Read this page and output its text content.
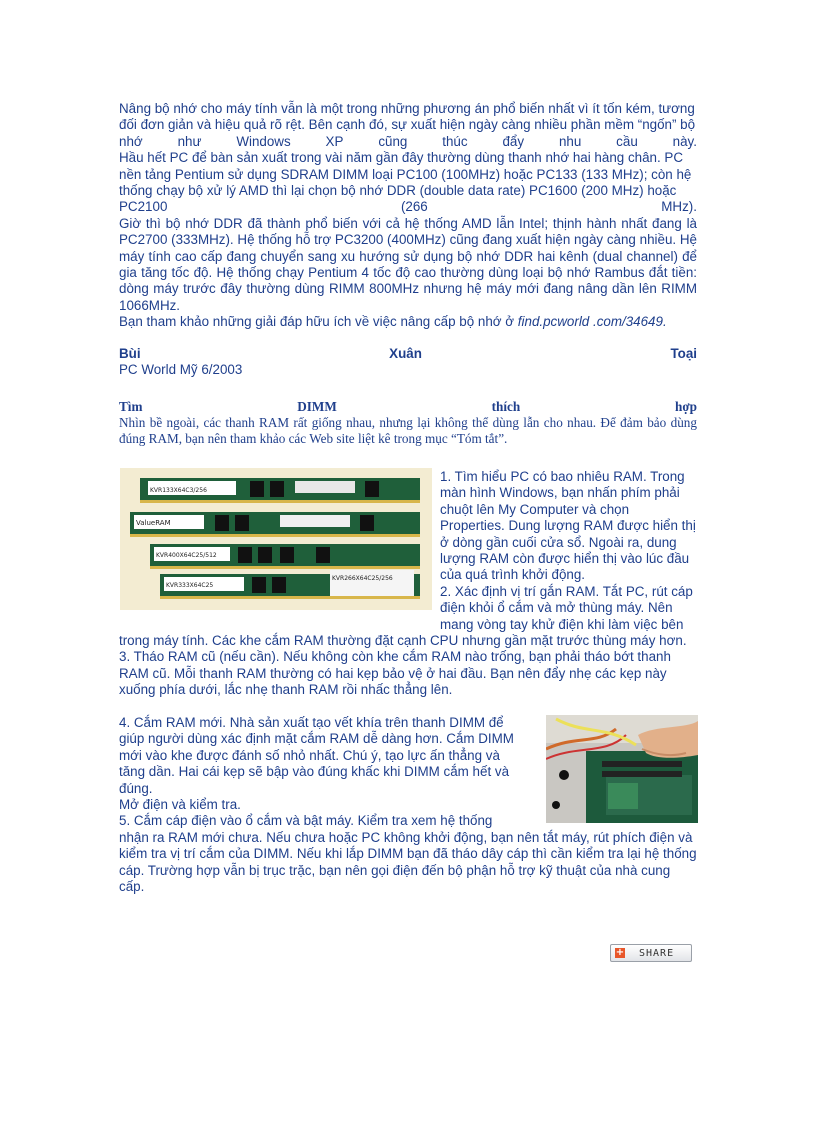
Nâng bộ nhớ cho máy tính vẫn là một trong những phương án phổ biến nhất vì ít tốn kém, tương
đối đơn giản và hiệu quả rõ rệt. Bên cạnh đó, sự xuất hiện ngày càng nhiều phần mềm “ngốn” bộ
nhớ	như	Windows	XP	cũng	thúc	đẩy	nhu	cầu	này.

Hầu hết PC để bàn sản xuất trong vài năm gần đây thường dùng thanh nhớ hai hàng chân. PC
nền tảng Pentium sử dụng SDRAM DIMM loại PC100 (100MHz) hoặc PC133 (133 MHz); còn hệ
thống chạy bộ xử lý AMD thì lại chọn bộ nhớ DDR (double data rate) PC1600 (200 MHz) hoặc
PC2100	(266	MHz).

Giờ thì bộ nhớ DDR đã thành phổ biến với cả hệ thống AMD lẫn Intel; thịnh hành nhất đang là PC2700 (333MHz). Hệ thống hỗ trợ PC3200 (400MHz) cũng đang xuất hiện ngày càng nhiều. Hệ máy tính cao cấp đang chuyển sang xu hướng sử dụng bộ nhớ DDR hai kênh (dual channel) để gia tăng tốc độ. Hệ thống chạy Pentium 4 tốc độ cao thường dùng loại bộ nhớ Rambus đắt tiền: dòng máy trước đây thường dùng RIMM 800MHz nhưng hệ máy mới đang nâng dần lên RIMM 1066MHz.

Bạn tham khảo những giải đáp hữu ích về việc nâng cấp bộ nhớ ở find.pcworld .com/34649.

Bùi	Xuân	Toại
PC World Mỹ 6/2003
Tìm	DIMM	thích	hợp

Nhìn bề ngoài, các thanh RAM rất giống nhau, nhưng lại không thể dùng lẫn cho nhau. Để đảm bảo dùng đúng RAM, bạn nên tham khảo các Web site liệt kê trong mục “Tóm tắt”.

KVR133X64C3/256
ValueRAM
KVR400X64C25/512
KVR266X64C25/256
KVR333X64C25
1. Tìm hiểu PC có bao nhiêu RAM. Trong
màn hình Windows, bạn nhấn phím phải
chuột lên My Computer và chọn
Properties. Dung lượng RAM được hiển thị
ở dòng gần cuối cửa sổ. Ngoài ra, dung
lượng RAM còn được hiển thị vào lúc đầu
của quá trình khởi động.
2. Xác định vị trí gắn RAM. Tắt PC, rút cáp
điện khỏi ổ cắm và mở thùng máy. Nên
mang vòng tay khử điện khi làm việc bên
trong máy tính. Các khe cắm RAM thường đặt cạnh CPU nhưng gần mặt trước thùng máy hơn.
3. Tháo RAM cũ (nếu cần). Nếu không còn khe cắm RAM nào trống, bạn phải tháo bớt thanh
RAM cũ. Mỗi thanh RAM thường có hai kẹp bảo vệ ở hai đầu. Bạn nên đẩy nhẹ các kẹp này
xuống phía dưới, lắc nhẹ thanh RAM rồi nhấc thẳng lên.
4. Cắm RAM mới. Nhà sản xuất tạo vết khía trên thanh DIMM để
giúp người dùng xác định mặt cắm RAM dễ dàng hơn. Cắm DIMM
mới vào khe được đánh số nhỏ nhất. Chú ý, tạo lực ấn thẳng và
tăng dần. Hai cái kẹp sẽ bập vào đúng khấc khi DIMM cắm hết và
đúng.
Mở điện và kiểm tra.
5. Cắm cáp điện vào ổ cắm và bật máy. Kiểm tra xem hệ thống
nhận ra RAM mới chưa. Nếu chưa hoặc PC không khởi động, bạn nên tắt máy, rút phích điện và
kiểm tra vị trí cắm của DIMM. Nếu khi lắp DIMM bạn đã tháo dây cáp thì cần kiểm tra lại hệ thống
cáp. Trường hợp vẫn bị trục trặc, bạn nên gọi điện đến bộ phận hỗ trợ kỹ thuật của nhà cung
cấp.
+ SHARE
